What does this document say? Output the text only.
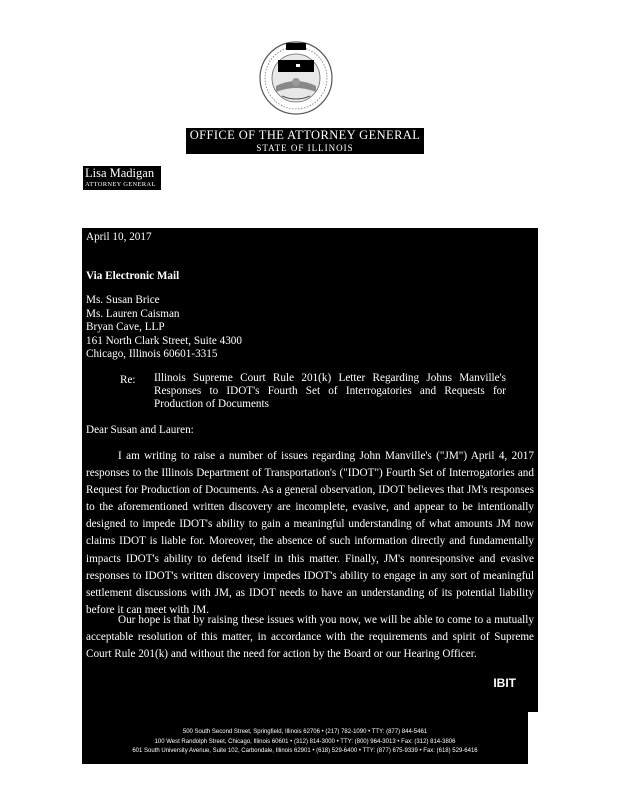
OFFICE OF THE ATTORNEY GENERAL
STATE OF ILLINOIS
Lisa Madigan
ATTORNEY GENERAL

April 10, 2017

Via Electronic Mail

Ms. Susan Brice
Ms. Lauren Caisman
Bryan Cave, LLP
161 North Clark Street, Suite 4300
Chicago, Illinois 60601-3315

Re: Illinois Supreme Court Rule 201(k) Letter Regarding Johns Manville's Responses to IDOT's Fourth Set of Interrogatories and Requests for Production of Documents

Dear Susan and Lauren:

I am writing to raise a number of issues regarding John Manville's ("JM") April 4, 2017 responses to the Illinois Department of Transportation's ("IDOT") Fourth Set of Interrogatories and Request for Production of Documents. As a general observation, IDOT believes that JM's responses to the aforementioned written discovery are incomplete, evasive, and appear to be intentionally designed to impede IDOT's ability to gain a meaningful understanding of what amounts JM now claims IDOT is liable for. Moreover, the absence of such information directly and fundamentally impacts IDOT's ability to defend itself in this matter. Finally, JM's nonresponsive and evasive responses to IDOT's written discovery impedes IDOT's ability to engage in any sort of meaningful settlement discussions with JM, as IDOT needs to have an understanding of its potential liability before it can meet with JM.

Our hope is that by raising these issues with you now, we will be able to come to a mutually acceptable resolution of this matter, in accordance with the requirements and spirit of Supreme Court Rule 201(k) and without the need for action by the Board or our Hearing Officer.

IBIT
500 South Second Street, Springfield, Illinois 62706 • (217) 782-1090 • TTY: (877) 844-5461
100 West Randolph Street, Chicago, Illinois 60601 • (312) 814-3000 • TTY: (800) 964-3013 • Fax: (312) 814-3806
601 South University Avenue, Suite 102, Carbondale, Illinois 62901 • (618) 529-6400 • TTY: (877) 675-9339 • Fax: (618) 529-6416
